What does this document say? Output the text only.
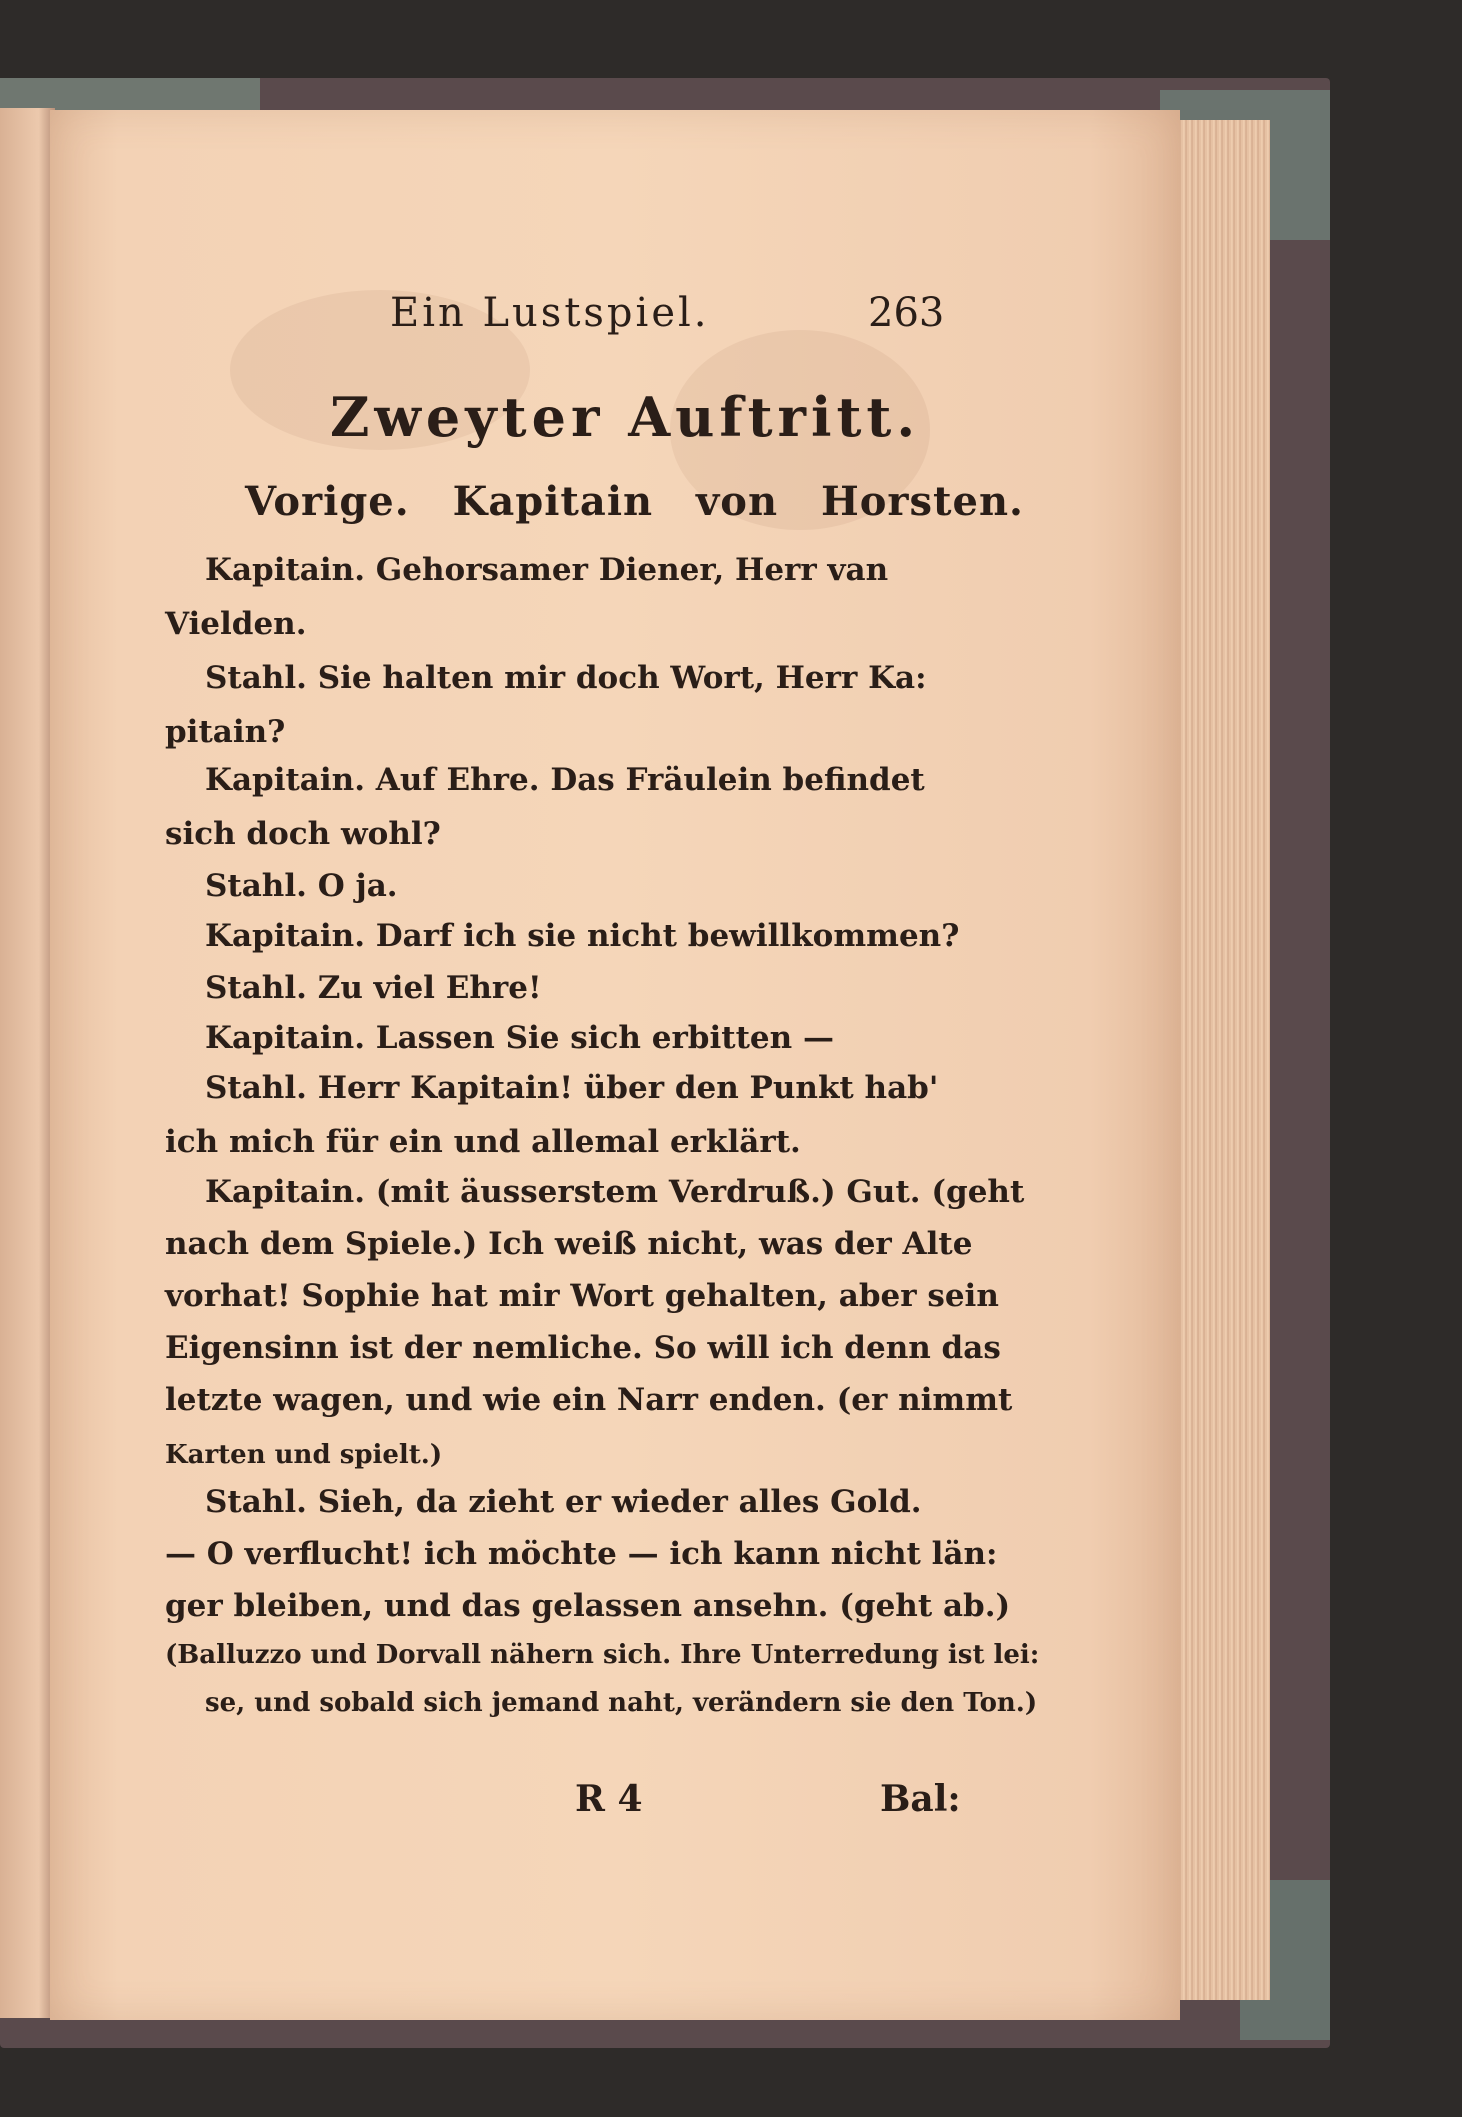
Ein Lustspiel.	263
Zweyter Auftritt.
Vorige. Kapitain von Horsten.
Kapitain. Gehorsamer Diener, Herr van
Vielden.
Stahl. Sie halten mir doch Wort, Herr Ka:
pitain?
Kapitain. Auf Ehre. Das Fräulein befindet
sich doch wohl?
Stahl. O ja.
Kapitain. Darf ich sie nicht bewillkommen?
Stahl. Zu viel Ehre!
Kapitain. Lassen Sie sich erbitten —
Stahl. Herr Kapitain! über den Punkt hab'
ich mich für ein und allemal erklärt.
Kapitain. (mit äusserstem Verdruß.) Gut. (geht
nach dem Spiele.) Ich weiß nicht, was der Alte
vorhat! Sophie hat mir Wort gehalten, aber sein
Eigensinn ist der nemliche. So will ich denn das
letzte wagen, und wie ein Narr enden. (er nimmt
Karten und spielt.)
Stahl. Sieh, da zieht er wieder alles Gold.
— O verflucht! ich möchte — ich kann nicht län:
ger bleiben, und das gelassen ansehn. (geht ab.)
(Balluzzo und Dorvall nähern sich. Ihre Unterredung ist lei:
se, und sobald sich jemand naht, verändern sie den Ton.)
R 4	Bal:
